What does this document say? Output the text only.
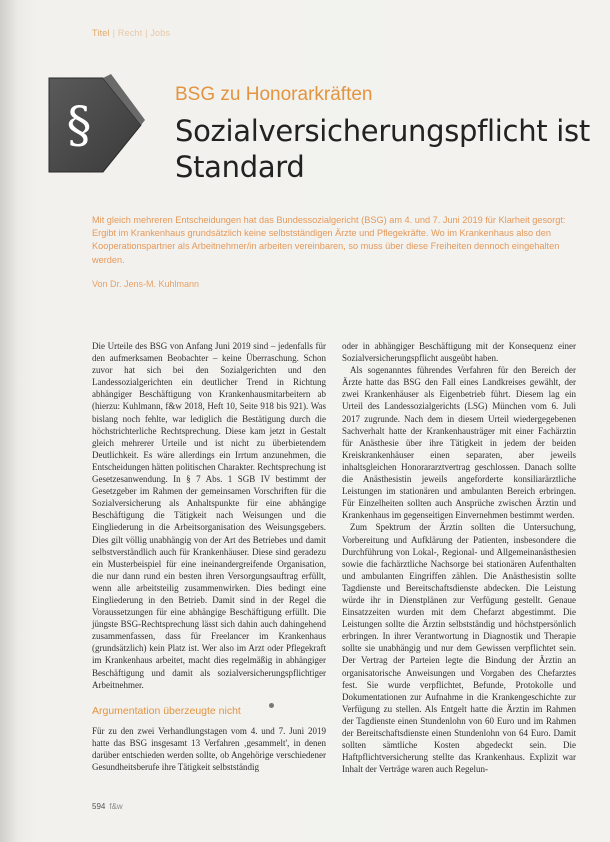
Titel | Recht | Jobs
§
BSG zu Honorarkräften
Sozialversicherungspflicht ist Standard
Mit gleich mehreren Entscheidungen hat das Bundessozialgericht (BSG) am 4. und 7. Juni 2019 für Klarheit gesorgt: Ergibt im Krankenhaus grundsätzlich keine selbstständigen Ärzte und Pflegekräfte. Wo im Krankenhaus also den Kooperationspartner als Arbeitnehmer/in arbeiten vereinbaren, so muss über diese Freiheiten dennoch eingehalten werden.
Von Dr. Jens-M. Kuhlmann

Die Urteile des BSG von Anfang Juni 2019 sind – jedenfalls für den aufmerksamen Beobachter – keine Überraschung. Schon zuvor hat sich bei den Sozialgerichten und den Landessozialgerichten ein deutlicher Trend in Richtung abhängiger Beschäftigung von Krankenhausmitarbeitern ab (hierzu: Kuhlmann, f&w 2018, Heft 10, Seite 918 bis 921). Was bislang noch fehlte, war lediglich die Bestätigung durch die höchstrichterliche Rechtsprechung. Diese kam jetzt in Gestalt gleich mehrerer Urteile und ist nicht zu überbietendem Deutlichkeit. Es wäre allerdings ein Irrtum anzunehmen, die Entscheidungen hätten politischen Charakter. Rechtsprechung ist Gesetzesanwendung. In § 7 Abs. 1 SGB IV bestimmt der Gesetzgeber im Rahmen der gemeinsamen Vorschriften für die Sozialversicherung als Anhaltspunkte für eine abhängige Beschäftigung die Tätigkeit nach Weisungen und die Eingliederung in die Arbeitsorganisation des Weisungsgebers. Dies gilt völlig unabhängig von der Art des Betriebes und damit selbstverständlich auch für Krankenhäuser. Diese sind geradezu ein Musterbeispiel für eine ineinandergreifende Organisation, die nur dann rund ein besten ihren Versorgungsauftrag erfüllt, wenn alle arbeitsteilig zusammenwirken. Dies bedingt eine Eingliederung in den Betrieb. Damit sind in der Regel die Voraussetzungen für eine abhängige Beschäftigung erfüllt. Die jüngste BSG-Rechtsprechung lässt sich dahin auch dahingehend zusammenfassen, dass für Freelancer im Krankenhaus (grundsätzlich) kein Platz ist. Wer also im Arzt oder Pflegekraft im Krankenhaus arbeitet, macht dies regelmäßig in abhängiger Beschäftigung und damit als sozialversicherungspflichtiger Arbeitnehmer.

Argumentation überzeugte nicht

Für zu den zwei Verhandlungstagen vom 4. und 7. Juni 2019 hatte das BSG insgesamt 13 Verfahren ‚gesammelt', in denen darüber entschieden werden sollte, ob Angehörige verschiedener Gesundheitsberufe ihre Tätigkeit selbstständig

oder in abhängiger Beschäftigung mit der Konsequenz einer Sozialversicherungspflicht ausgeübt haben.

Als sogenanntes führendes Verfahren für den Bereich der Ärzte hatte das BSG den Fall eines Landkreises gewählt, der zwei Krankenhäuser als Eigenbetrieb führt. Diesem lag ein Urteil des Landessozialgerichts (LSG) München vom 6. Juli 2017 zugrunde. Nach dem in diesem Urteil wiedergegebenen Sachverhalt hatte der Krankenhausträger mit einer Fachärztin für Anästhesie über ihre Tätigkeit in jedem der beiden Kreiskrankenhäuser einen separaten, aber jeweils inhaltsgleichen Honorararztvertrag geschlossen. Danach sollte die Anästhesistin jeweils angeforderte konsiliarärztliche Leistungen im stationären und ambulanten Bereich erbringen. Für Einzelheiten sollten auch Ansprüche zwischen Ärztin und Krankenhaus im gegenseitigen Einvernehmen bestimmt werden.

Zum Spektrum der Ärztin sollten die Untersuchung, Vorbereitung und Aufklärung der Patienten, insbesondere die Durchführung von Lokal-, Regional- und Allgemeinanästhesien sowie die fachärztliche Nachsorge bei stationären Aufenthalten und ambulanten Eingriffen zählen. Die Anästhesistin sollte Tagdienste und Bereitschaftsdienste abdecken. Die Leistung würde ihr in Dienstplänen zur Verfügung gestellt. Genaue Einsatzzeiten wurden mit dem Chefarzt abgestimmt. Die Leistungen sollte die Ärztin selbstständig und höchstpersönlich erbringen. In ihrer Verantwortung in Diagnostik und Therapie sollte sie unabhängig und nur dem Gewissen verpflichtet sein. Der Vertrag der Parteien legte die Bindung der Ärztin an organisatorische Anweisungen und Vorgaben des Chefarztes fest. Sie wurde verpflichtet, Befunde, Protokolle und Dokumentationen zur Aufnahme in die Krankengeschichte zur Verfügung zu stellen. Als Entgelt hatte die Ärztin im Rahmen der Tagdienste einen Stundenlohn von 60 Euro und im Rahmen der Bereitschaftsdienste einen Stundenlohn von 64 Euro. Damit sollten sämtliche Kosten abgedeckt sein. Die Haftpflichtversicherung stellte das Krankenhaus. Explizit war Inhalt der Verträge waren auch Regelun-

594 f&w
